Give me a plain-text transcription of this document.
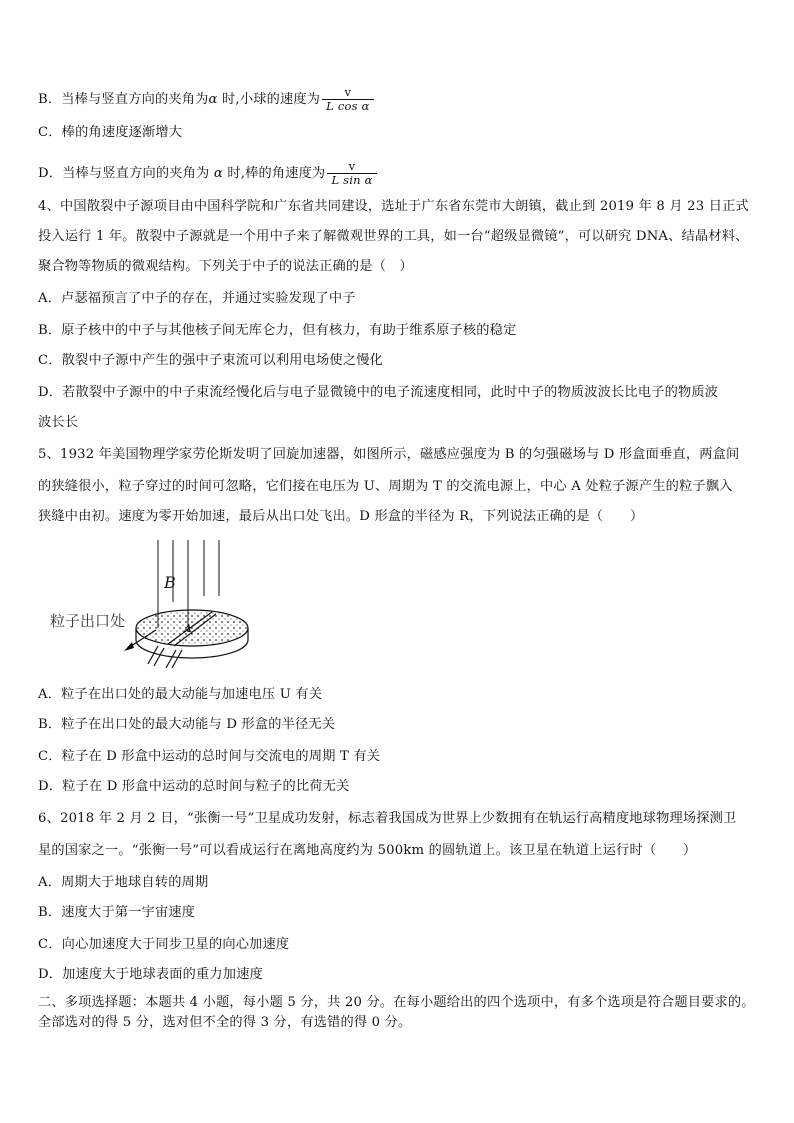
B．当棒与竖直方向的夹角为α 时,小球的速度为 $\frac{v}{\text{L cos α}}$
C．棒的角速度逐渐增大
D．当棒与竖直方向的夹角为 α 时,棒的角速度为 $\frac{v}{\text{L sin α}}$
4、中国散裂中子源项目由中国科学院和广东省共同建设，选址于广东省东莞市大朗镇，截止到 2019 年 8 月 23 日正式
投入运行 1 年。散裂中子源就是一个用中子来了解微观世界的工具，如一台“超级显微镜”，可以研究 DNA、结晶材料、
聚合物等物质的微观结构。下列关于中子的说法正确的是（　）
A．卢瑟福预言了中子的存在，并通过实验发现了中子
B．原子核中的中子与其他核子间无库仑力，但有核力，有助于维系原子核的稳定
C．散裂中子源中产生的强中子束流可以利用电场使之慢化
D．若散裂中子源中的中子束流经慢化后与电子显微镜中的电子流速度相同，此时中子的物质波波长比电子的物质波
波长长
5、1932 年美国物理学家劳伦斯发明了回旋加速器，如图所示，磁感应强度为 B 的匀强磁场与 D 形盒面垂直，两盒间
的狭缝很小，粒子穿过的时间可忽略，它们接在电压为 U、周期为 T 的交流电源上，中心 A 处粒子源产生的粒子飘入
狭缝中由初。速度为零开始加速，最后从出口处飞出。D 形盒的半径为 R，下列说法正确的是（　　）
B
A
粒子出口处
A．粒子在出口处的最大动能与加速电压 U 有关
B．粒子在出口处的最大动能与 D 形盒的半径无关
C．粒子在 D 形盒中运动的总时间与交流电的周期 T 有关
D．粒子在 D 形盒中运动的总时间与粒子的比荷无关
6、2018 年 2 月 2 日，“张衡一号”卫星成功发射，标志着我国成为世界上少数拥有在轨运行高精度地球物理场探测卫
星的国家之一。“张衡一号”可以看成运行在离地高度约为 500km 的圆轨道上。该卫星在轨道上运行时（　　）
A．周期大于地球自转的周期
B．速度大于第一宇宙速度
C．向心加速度大于同步卫星的向心加速度
D．加速度大于地球表面的重力加速度
二、多项选择题：本题共 4 小题，每小题 5 分，共 20 分。在每小题给出的四个选项中，有多个选项是符合题目要求的。
全部选对的得 5 分，选对但不全的得 3 分，有选错的得 0 分。
